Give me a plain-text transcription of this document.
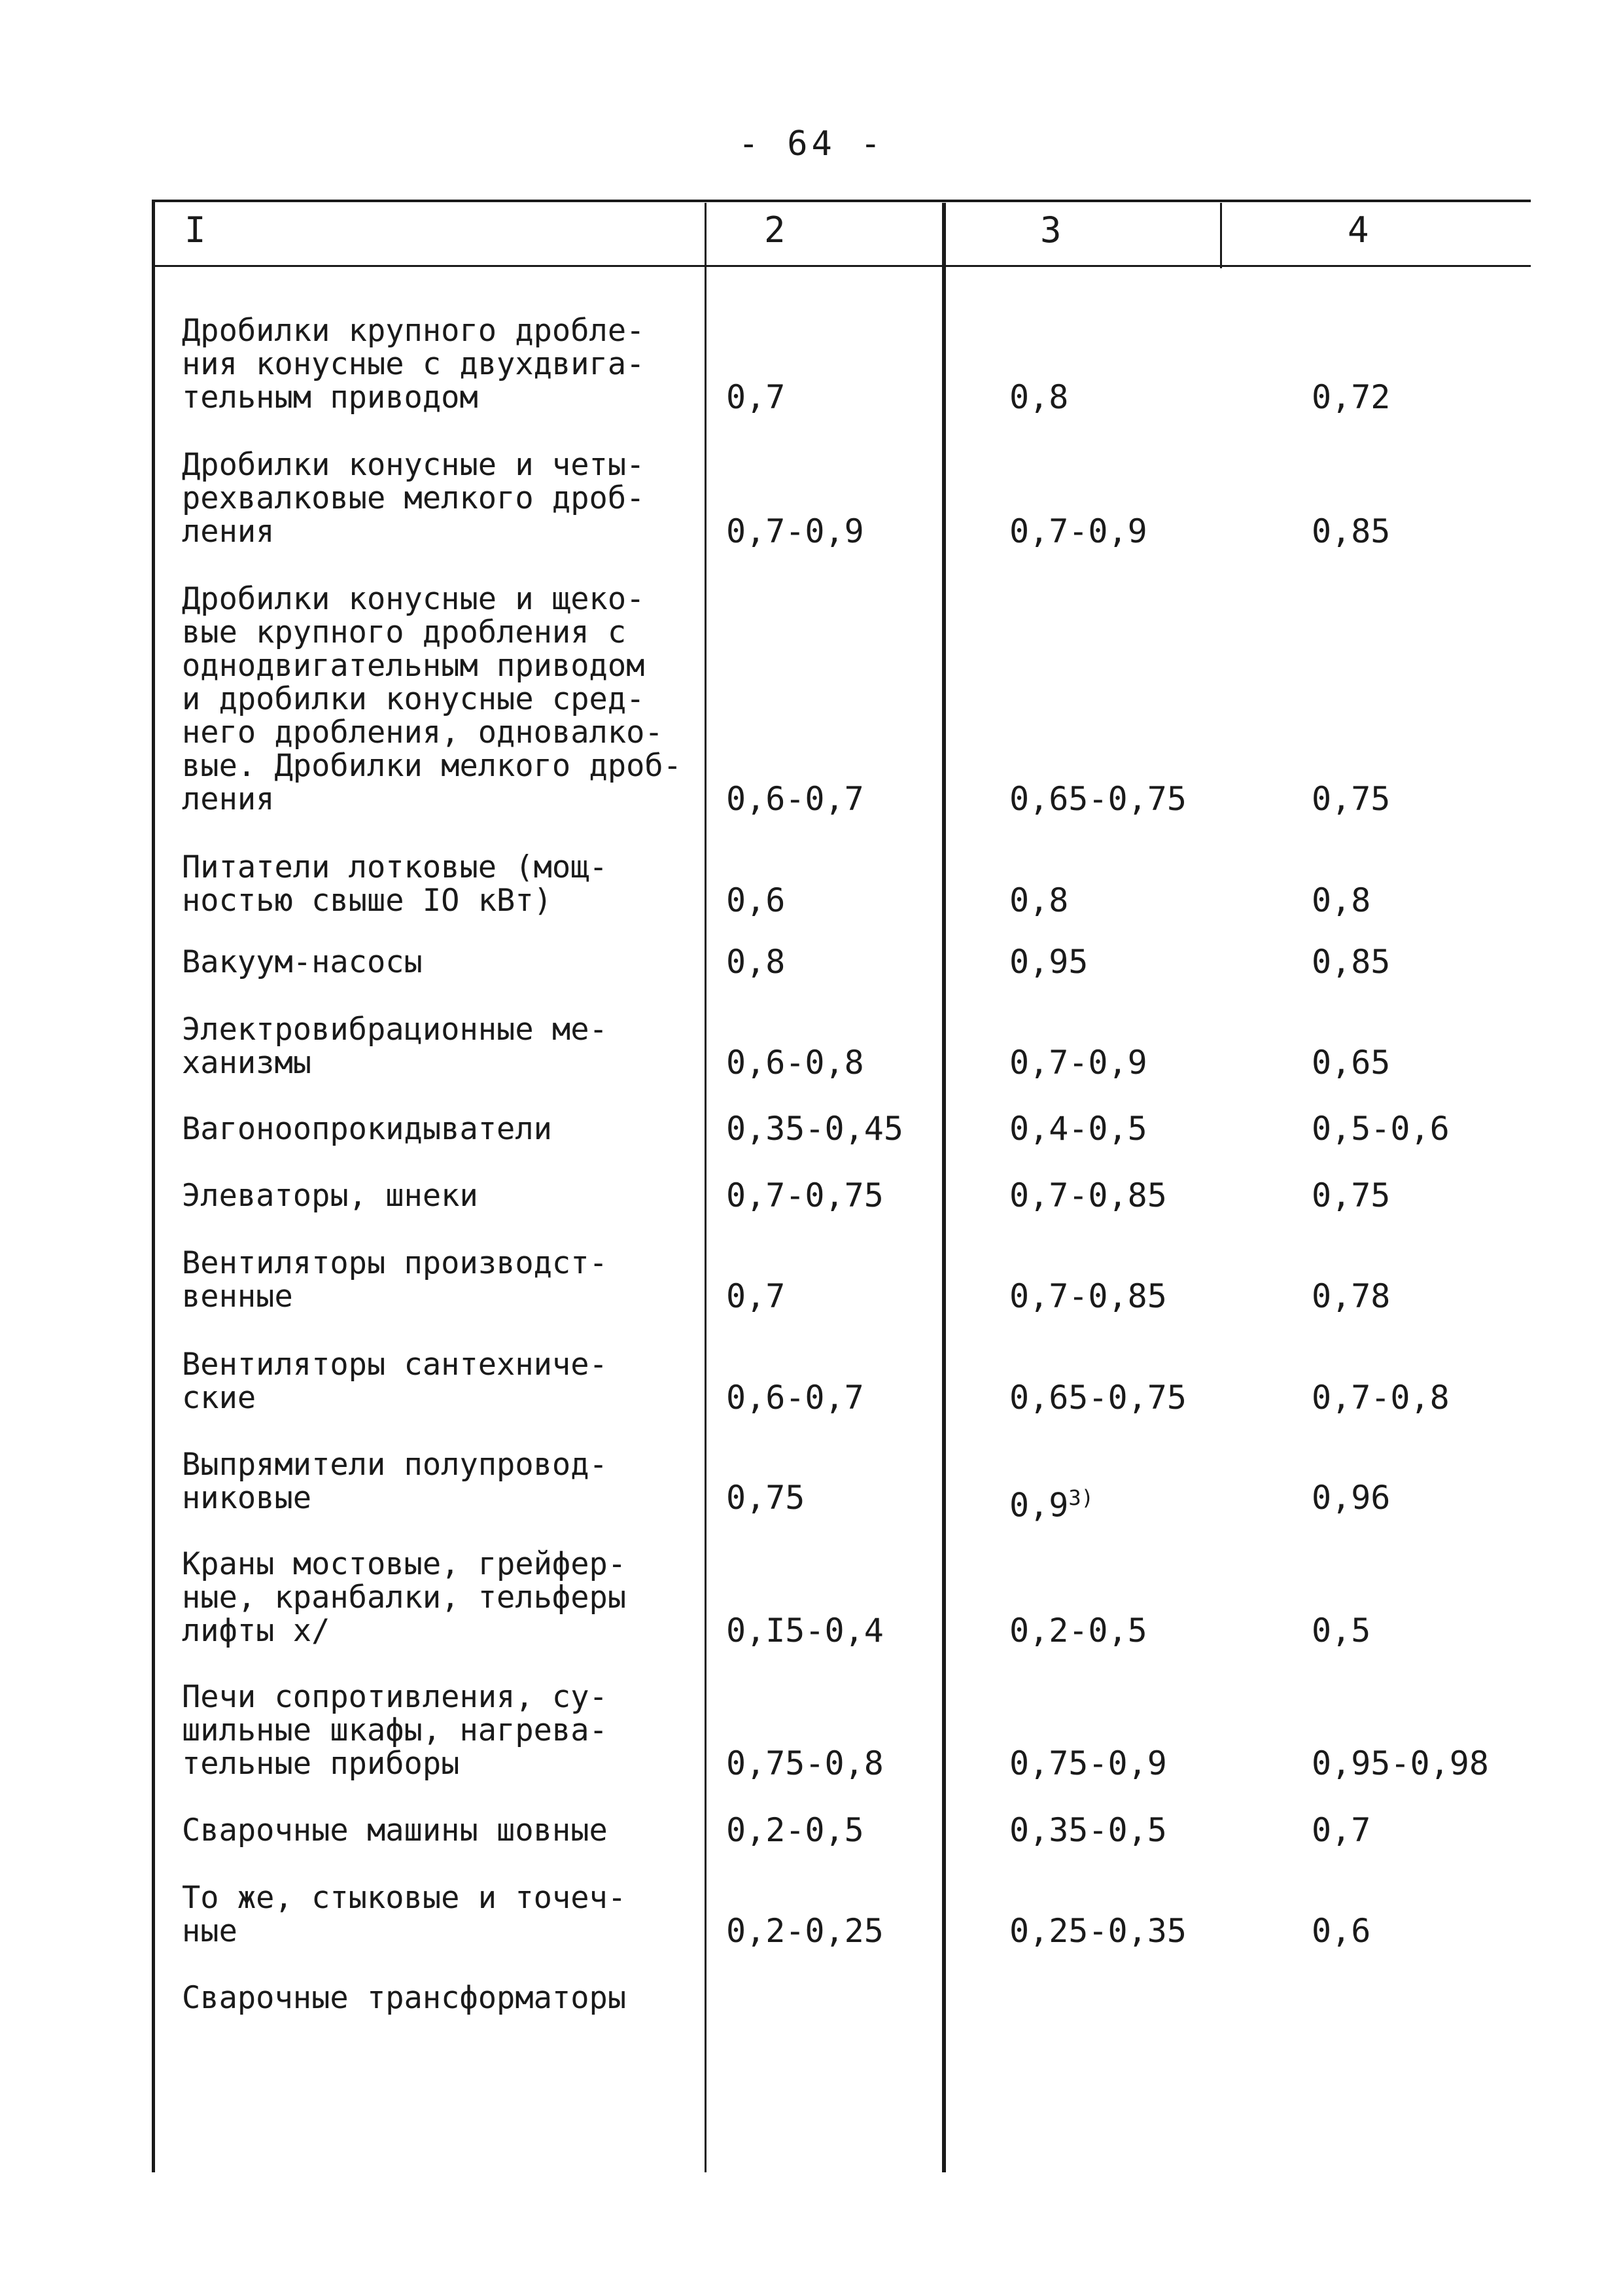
- 64 -
I	2	3	4
Дробилки крупного дробле-
ния конусные с двухдвига-
тельным приводом	0,7	0,8	0,72
Дробилки конусные и четы-
рехвалковые мелкого дроб-
ления	0,7-0,9	0,7-0,9	0,85
Дробилки конусные и щеко-
вые крупного дробления с
однодвигательным приводом
и дробилки конусные сред-
него дробления, одновалко-
вые. Дробилки мелкого дроб-
ления	0,6-0,7	0,65-0,75	0,75
Питатели лотковые (мощ-
ностью свыше IO кВт)	0,6	0,8	0,8
Вакуум-насосы	0,8	0,95	0,85
Электровибрационные ме-
ханизмы	0,6-0,8	0,7-0,9	0,65
Вагоноопрокидыватели	0,35-0,45	0,4-0,5	0,5-0,6
Элеваторы, шнеки	0,7-0,75	0,7-0,85	0,75
Вентиляторы производст-
венные	0,7	0,7-0,85	0,78
Вентиляторы сантехниче-
ские	0,6-0,7	0,65-0,75	0,7-0,8
Выпрямители полупровод-
никовые	0,75	0,9$^{3)}$	0,96
Краны мостовые, грейфер-
ные, кранбалки, тельферы
лифты х/	0,I5-0,4	0,2-0,5	0,5
Печи сопротивления, су-
шильные шкафы, нагрева-
тельные приборы	0,75-0,8	0,75-0,9	0,95-0,98
Сварочные машины шовные	0,2-0,5	0,35-0,5	0,7
То же, стыковые и точеч-
ные	0,2-0,25	0,25-0,35	0,6
Сварочные трансформаторы
